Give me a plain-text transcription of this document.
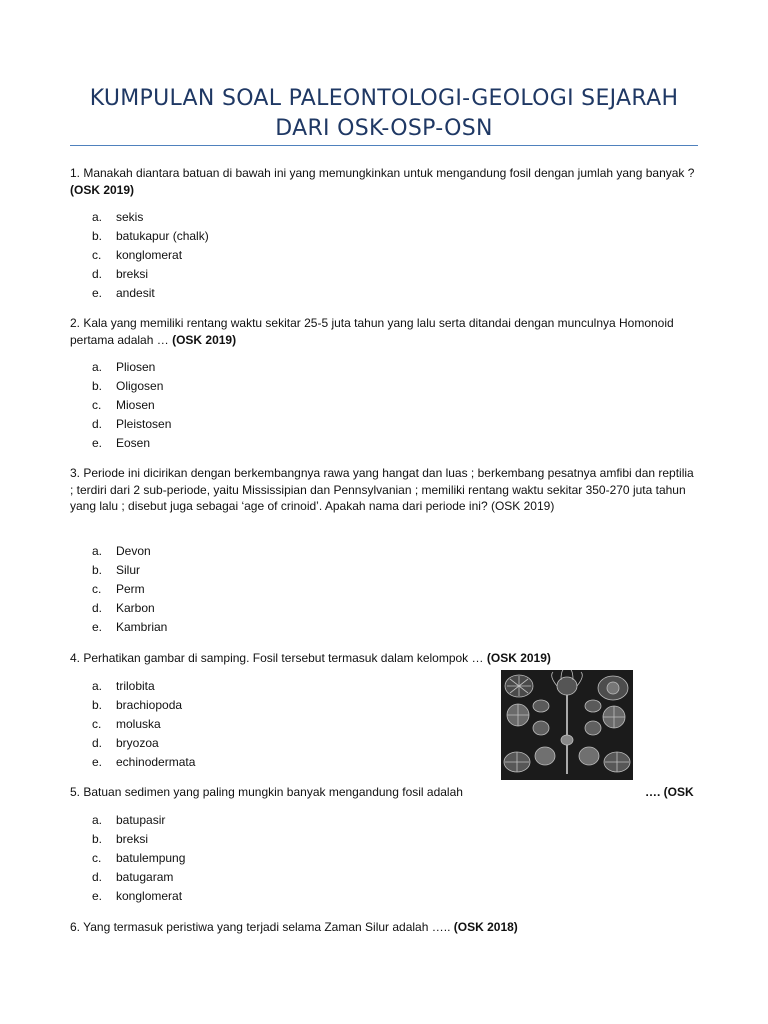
KUMPULAN SOAL PALEONTOLOGI-GEOLOGI SEJARAH
DARI OSK-OSP-OSN
1. Manakah diantara batuan di bawah ini yang memungkinkan untuk mengandung fosil dengan jumlah yang banyak ? (OSK 2019)
a. sekis
b. batukapur (chalk)
c. konglomerat
d. breksi
e. andesit
2. Kala yang memiliki rentang waktu sekitar 25-5 juta tahun yang lalu serta ditandai dengan munculnya Homonoid pertama adalah … (OSK 2019)
a. Pliosen
b. Oligosen
c. Miosen
d. Pleistosen
e. Eosen
3. Periode ini dicirikan dengan berkembangnya rawa yang hangat dan luas ; berkembang pesatnya amfibi dan reptilia ; terdiri dari 2 sub-periode, yaitu Mississipian dan Pennsylvanian ; memiliki rentang waktu sekitar 350-270 juta tahun yang lalu ; disebut juga sebagai ‘age of crinoid’. Apakah nama dari periode ini? (OSK 2019)
a. Devon
b. Silur
c. Perm
d. Karbon
e. Kambrian
4. Perhatikan gambar di samping. Fosil tersebut termasuk dalam kelompok … (OSK 2019)
a. trilobita
b. brachiopoda
c. moluska
d. bryozoa
e. echinodermata
5. Batuan sedimen yang paling mungkin banyak mengandung fosil adalah	…. (OSK
a. batupasir
b. breksi
c. batulempung
d. batugaram
e. konglomerat
6. Yang termasuk peristiwa yang terjadi selama Zaman Silur adalah ….. (OSK 2018)
